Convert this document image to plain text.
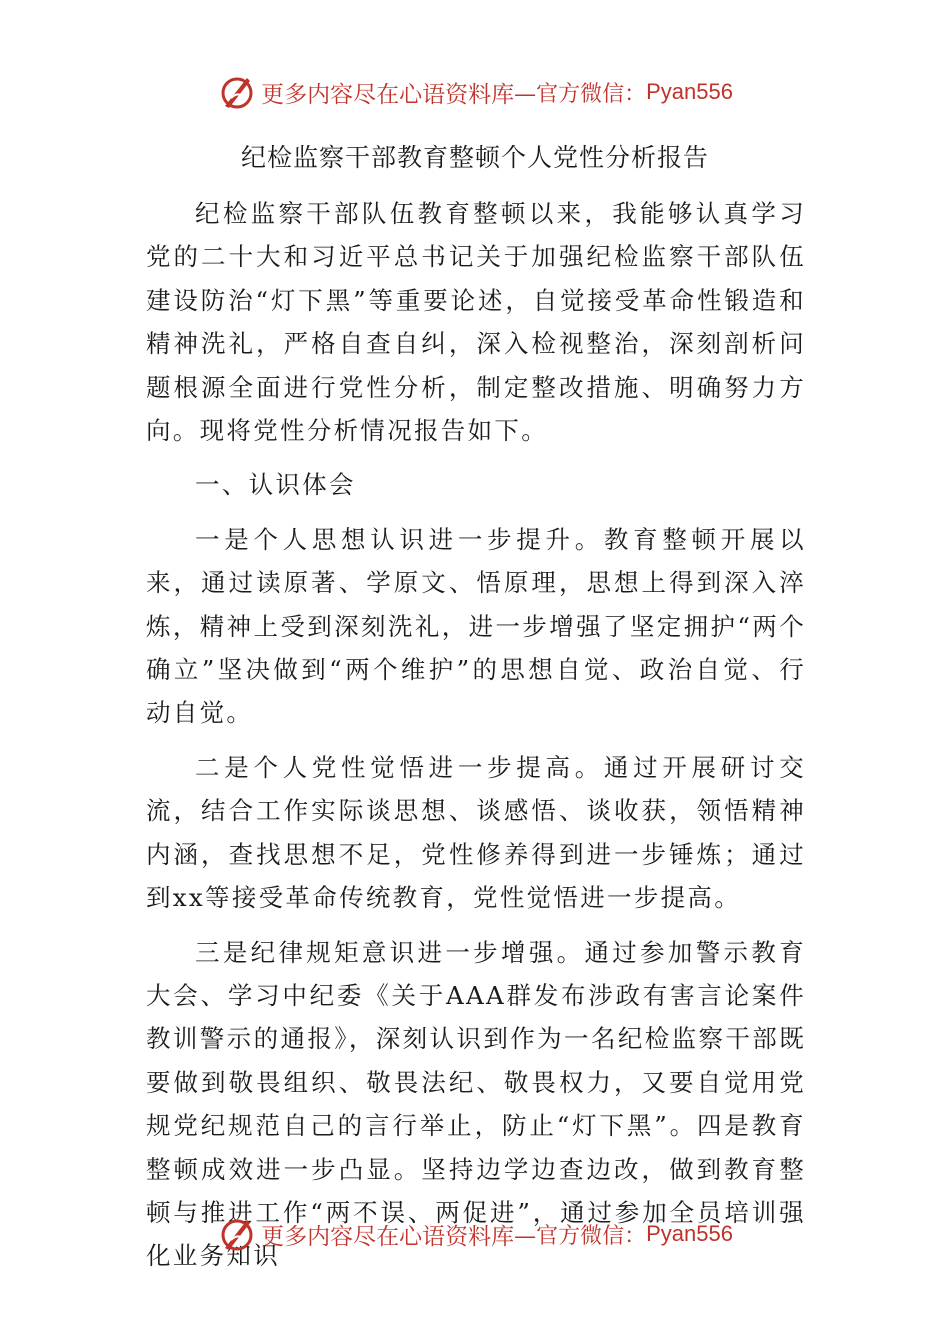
更多内容尽在心语资料库 —官方微信： Pyan556
纪检监察干部教育整顿个人党性分析报告

纪检监察干部队伍教育整顿以来，我能够认真学习党的二十大和习近平总书记关于加强纪检监察干部队伍建设防治“灯下黑”等重要论述，自觉接受革命性锻造和精神洗礼，严格自查自纠，深入检视整治，深刻剖析问题根源全面进行党性分析，制定整改措施、明确努力方向。现将党性分析情况报告如下。

一、认识体会

一是个人思想认识进一步提升。教育整顿开展以来，通过读原著、学原文、悟原理，思想上得到深入淬炼，精神上受到深刻洗礼，进一步增强了坚定拥护“两个确立”坚决做到“两个维护”的思想自觉、政治自觉、行动自觉。

二是个人党性觉悟进一步提高。通过开展研讨交流，结合工作实际谈思想、谈感悟、谈收获，领悟精神内涵，查找思想不足，党性修养得到进一步锤炼；通过到xx等接受革命传统教育，党性觉悟进一步提高。

三是纪律规矩意识进一步增强。通过参加警示教育大会、学习中纪委《关于AAA群发布涉政有害言论案件教训警示的通报》，深刻认识到作为一名纪检监察干部既要做到敬畏组织、敬畏法纪、敬畏权力，又要自觉用党规党纪规范自己的言行举止，防止“灯下黑”。四是教育整顿成效进一步凸显。坚持边学边查边改，做到教育整顿与推进工作“两不误、两促进”，通过参加全员培训强化业务知识

更多内容尽在心语资料库 —官方微信： Pyan556
